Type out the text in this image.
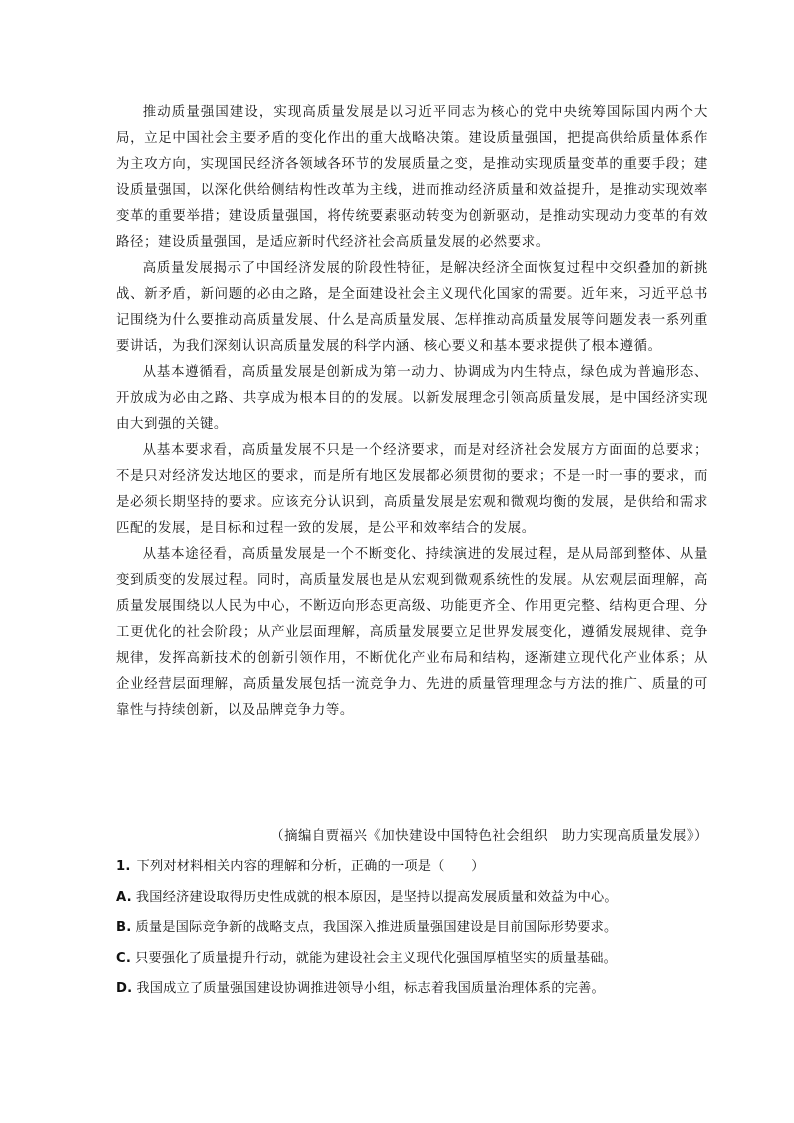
推动质量强国建设，实现高质量发展是以习近平同志为核心的党中央统筹国际国内两个大局，立足中国社会主要矛盾的变化作出的重大战略决策。建设质量强国，把提高供给质量体系作为主攻方向，实现国民经济各领域各环节的发展质量之变，是推动实现质量变革的重要手段；建设质量强国，以深化供给侧结构性改革为主线，进而推动经济质量和效益提升，是推动实现效率变革的重要举措；建设质量强国，将传统要素驱动转变为创新驱动，是推动实现动力变革的有效路径；建设质量强国，是适应新时代经济社会高质量发展的必然要求。

高质量发展揭示了中国经济发展的阶段性特征，是解决经济全面恢复过程中交织叠加的新挑战、新矛盾，新问题的必由之路，是全面建设社会主义现代化国家的需要。近年来，习近平总书记围绕为什么要推动高质量发展、什么是高质量发展、怎样推动高质量发展等问题发表一系列重要讲话，为我们深刻认识高质量发展的科学内涵、核心要义和基本要求提供了根本遵循。

从基本遵循看，高质量发展是创新成为第一动力、协调成为内生特点，绿色成为普遍形态、开放成为必由之路、共享成为根本目的的发展。以新发展理念引领高质量发展，是中国经济实现由大到强的关键。

从基本要求看，高质量发展不只是一个经济要求，而是对经济社会发展方方面面的总要求；不是只对经济发达地区的要求，而是所有地区发展都必须贯彻的要求；不是一时一事的要求，而是必须长期坚持的要求。应该充分认识到，高质量发展是宏观和微观均衡的发展，是供给和需求匹配的发展，是目标和过程一致的发展，是公平和效率结合的发展。

从基本途径看，高质量发展是一个不断变化、持续演进的发展过程，是从局部到整体、从量变到质变的发展过程。同时，高质量发展也是从宏观到微观系统性的发展。从宏观层面理解，高质量发展围绕以人民为中心，不断迈向形态更高级、功能更齐全、作用更完整、结构更合理、分工更优化的社会阶段；从产业层面理解，高质量发展要立足世界发展变化，遵循发展规律、竞争规律，发挥高新技术的创新引领作用，不断优化产业布局和结构，逐渐建立现代化产业体系；从企业经营层面理解，高质量发展包括一流竞争力、先进的质量管理理念与方法的推广、质量的可靠性与持续创新，以及品牌竞争力等。

（摘编自贾福兴《加快建设中国特色社会组织　助力实现高质量发展》）
1. 下列对材料相关内容的理解和分析，正确的一项是（　　）
A. 我国经济建设取得历史性成就的根本原因，是坚持以提高发展质量和效益为中心。
B. 质量是国际竞争新的战略支点，我国深入推进质量强国建设是目前国际形势要求。
C. 只要强化了质量提升行动，就能为建设社会主义现代化强国厚植坚实的质量基础。
D. 我国成立了质量强国建设协调推进领导小组，标志着我国质量治理体系的完善。
